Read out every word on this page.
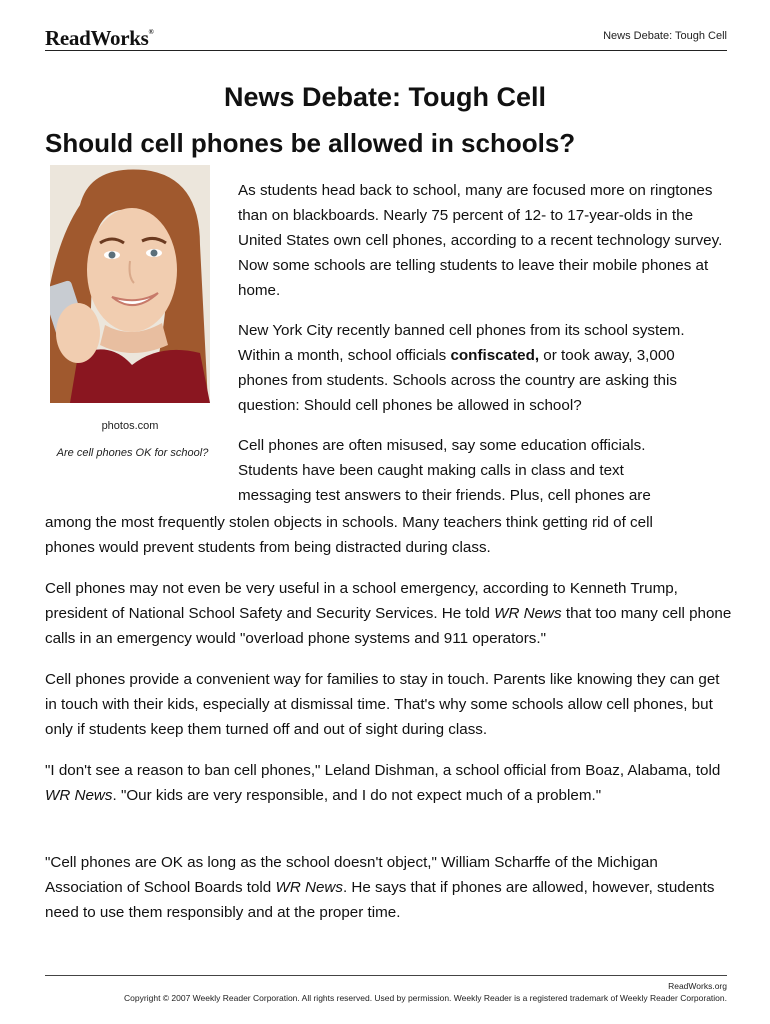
ReadWorks®	News Debate: Tough Cell
News Debate: Tough Cell
Should cell phones be allowed in schools?
photos.com
Are cell phones OK for school?

As students head back to school, many are focused more on ringtones than on blackboards. Nearly 75 percent of 12- to 17-year-olds in the United States own cell phones, according to a recent technology survey. Now some schools are telling students to leave their mobile phones at home.

New York City recently banned cell phones from its school system. Within a month, school officials confiscated, or took away, 3,000 phones from students. Schools across the country are asking this question: Should cell phones be allowed in school?

Cell phones are often misused, say some education officials.
Students have been caught making calls in class and text
messaging test answers to their friends. Plus, cell phones are
among the most frequently stolen objects in schools. Many teachers think getting rid of cell
phones would prevent students from being distracted during class.

Cell phones may not even be very useful in a school emergency, according to Kenneth Trump, president of National School Safety and Security Services. He told WR News that too many cell phone calls in an emergency would "overload phone systems and 911 operators."

Cell phones provide a convenient way for families to stay in touch. Parents like knowing they can get in touch with their kids, especially at dismissal time. That's why some schools allow cell phones, but only if students keep them turned off and out of sight during class.

"I don't see a reason to ban cell phones," Leland Dishman, a school official from Boaz, Alabama, told WR News. "Our kids are very responsible, and I do not expect much of a problem."

"Cell phones are OK as long as the school doesn't object," William Scharffe of the Michigan Association of School Boards told WR News. He says that if phones are allowed, however, students need to use them responsibly and at the proper time.

ReadWorks.org
Copyright © 2007 Weekly Reader Corporation. All rights reserved. Used by permission. Weekly Reader is a registered trademark of Weekly Reader Corporation.
